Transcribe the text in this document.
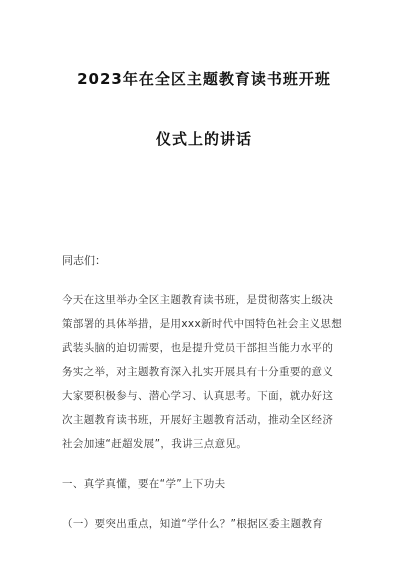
2023年在全区主题教育读书班开班
仪式上的讲话
同志们：
今天在这里举办全区主题教育读书班，是贯彻落实上级决
策部署的具体举措，是用xxx新时代中国特色社会主义思想
武装头脑的迫切需要，也是提升党员干部担当能力水平的
务实之举，对主题教育深入扎实开展具有十分重要的意义
大家要积极参与、潜心学习、认真思考。下面，就办好这
次主题教育读书班，开展好主题教育活动，推动全区经济
社会加速“赶超发展”，我讲三点意见。
一、真学真懂，要在“学”上下功夫
（一）要突出重点，知道“学什么？”根据区委主题教育
